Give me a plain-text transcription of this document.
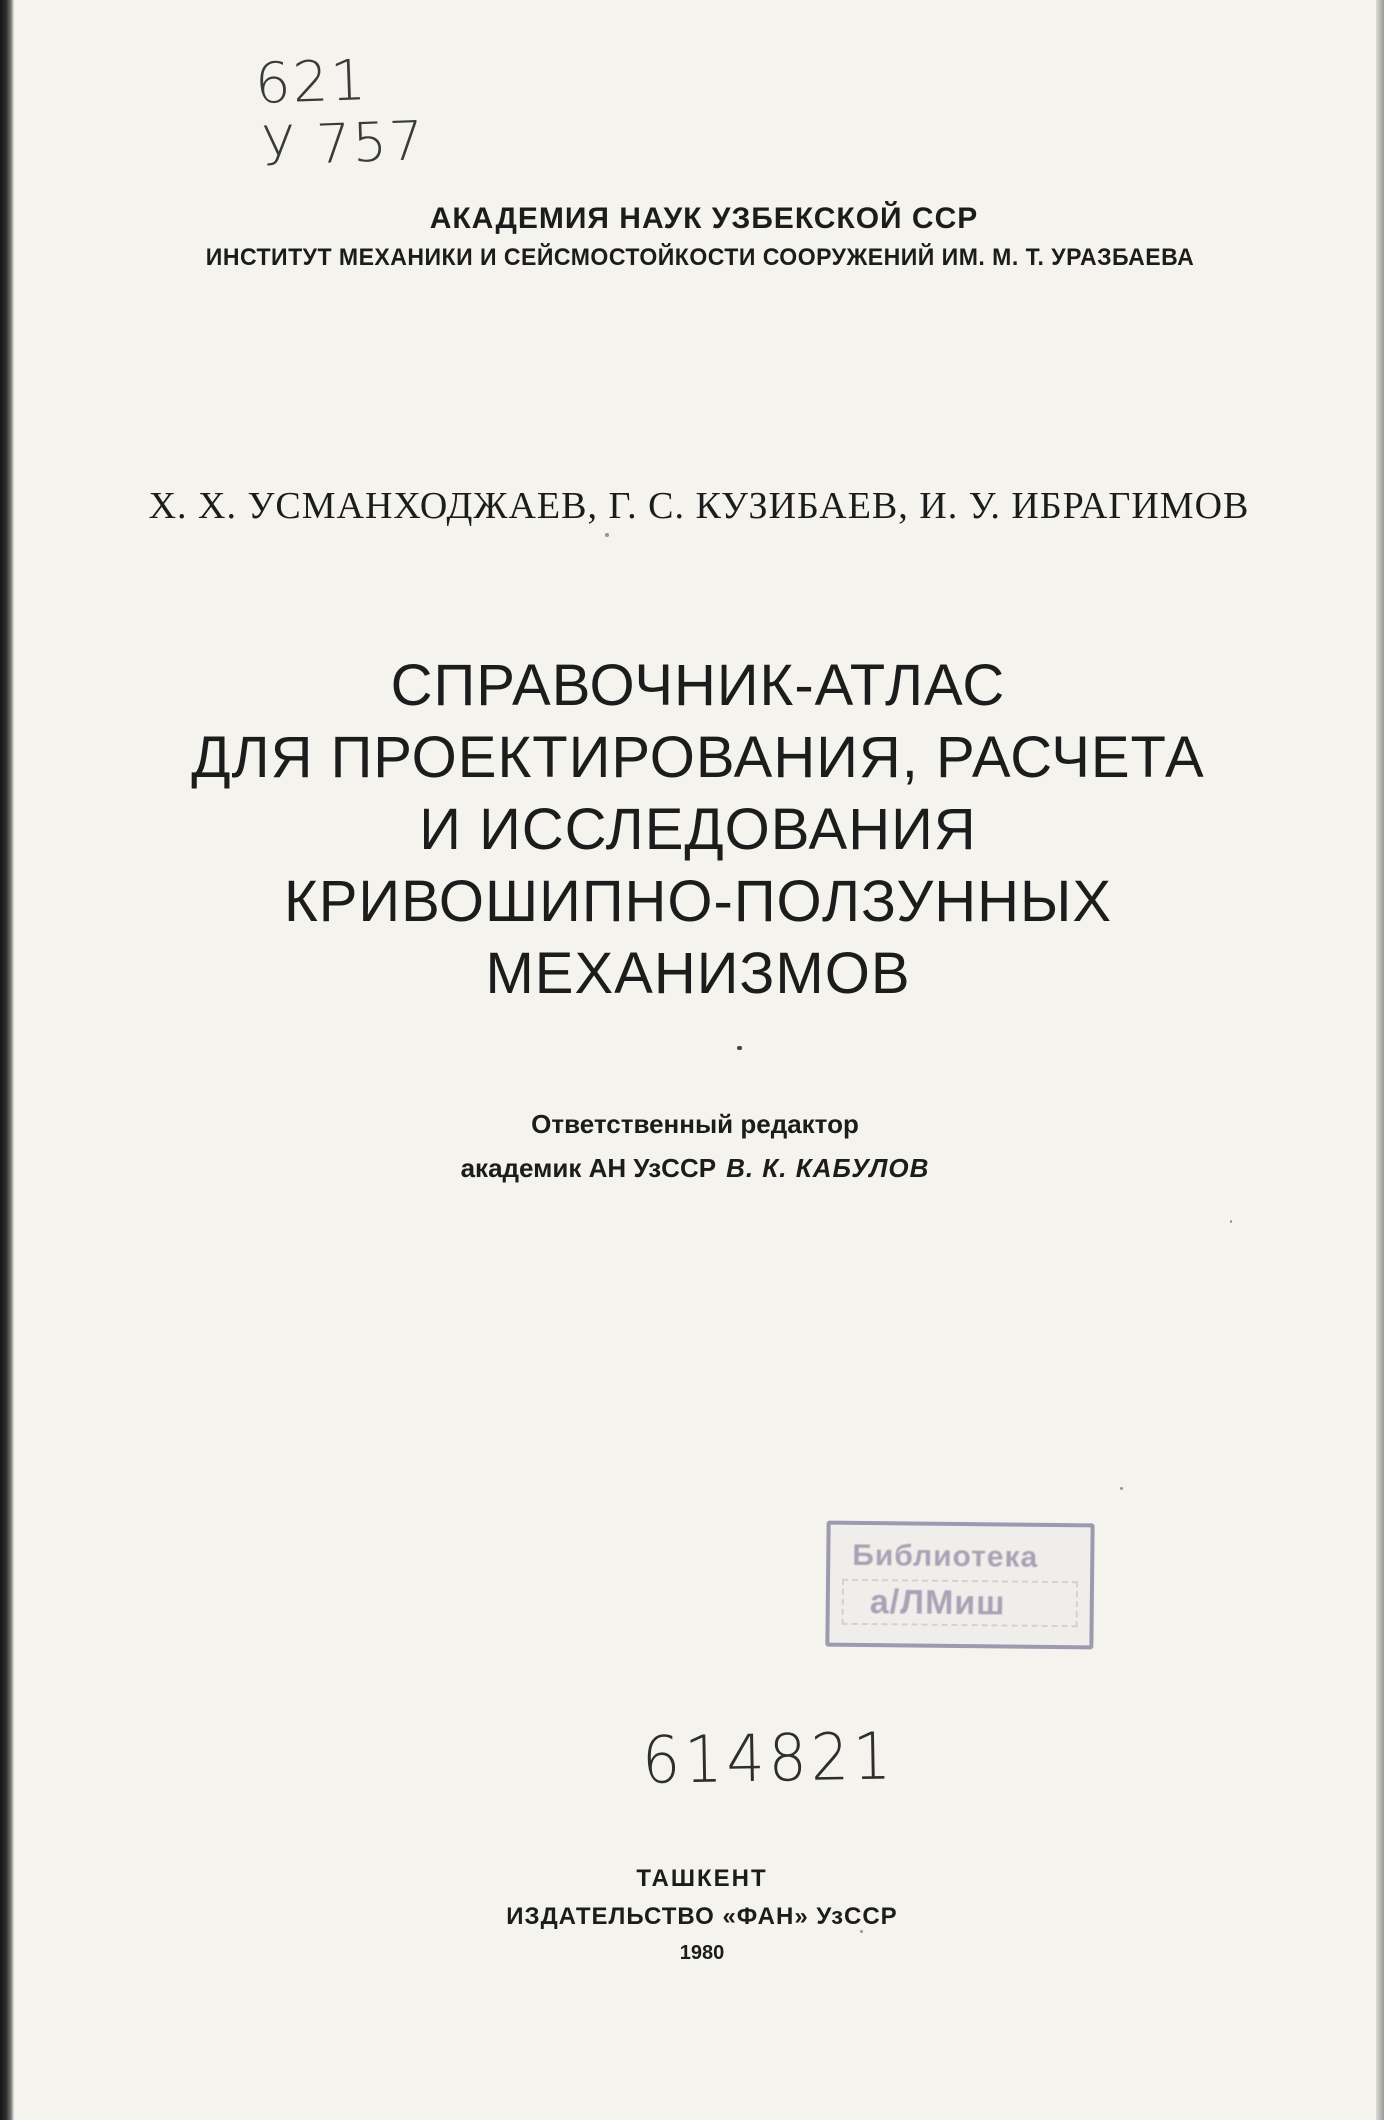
621
У 757
АКАДЕМИЯ НАУК УЗБЕКСКОЙ ССР
ИНСТИТУТ МЕХАНИКИ И СЕЙСМОСТОЙКОСТИ СООРУЖЕНИЙ ИМ. М. Т. УРАЗБАЕВА
Х. Х. УСМАНХОДЖАЕВ, Г. С. КУЗИБАЕВ, И. У. ИБРАГИМОВ
СПРАВОЧНИК-АТЛАС
ДЛЯ ПРОЕКТИРОВАНИЯ, РАСЧЕТА
И ИССЛЕДОВАНИЯ
КРИВОШИПНО-ПОЛЗУННЫХ
МЕХАНИЗМОВ
Ответственный редактор
академик АН УзССР В. К. КАБУЛОВ
Библиотека
а/ЛМиш
614821
ТАШКЕНТ
ИЗДАТЕЛЬСТВО «ФАН» УзССР
1980
